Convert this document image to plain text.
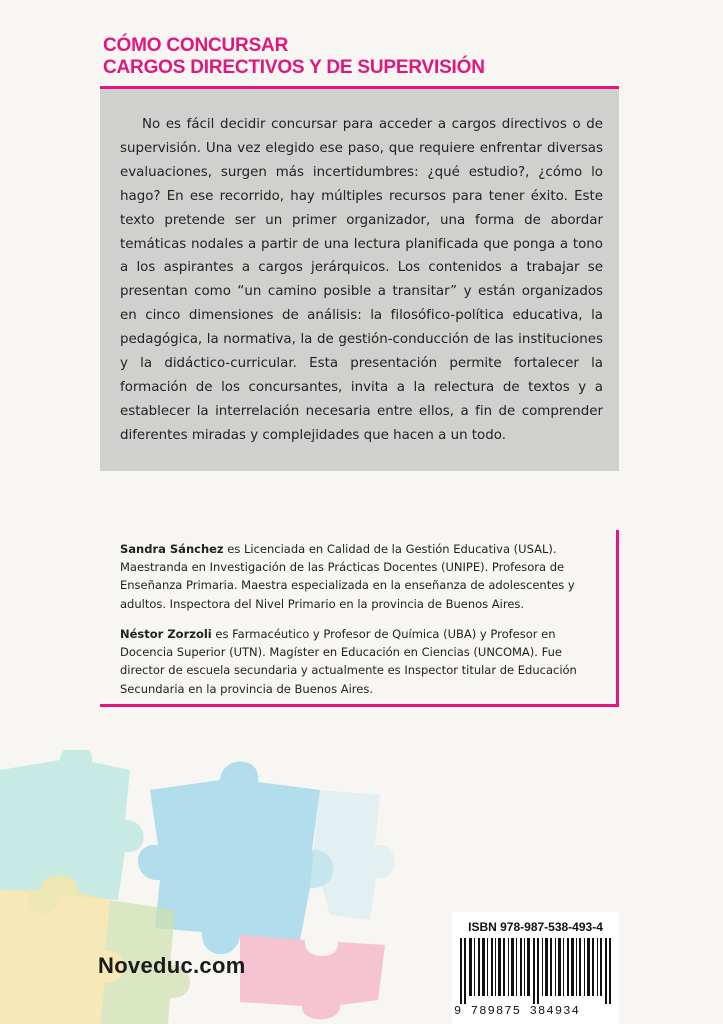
CÓMO CONCURSAR
CARGOS DIRECTIVOS Y DE SUPERVISIÓN

No es fácil decidir concursar para acceder a cargos directivos o de supervisión. Una vez elegido ese paso, que requiere enfrentar diversas evaluaciones, surgen más incertidumbres: ¿qué estudio?, ¿cómo lo hago? En ese recorrido, hay múltiples recursos para tener éxito. Este texto pretende ser un primer organizador, una forma de abordar temáticas nodales a partir de una lectura planificada que ponga a tono a los aspirantes a cargos jerárquicos. Los contenidos a trabajar se presentan como “un camino posible a transitar” y están organizados en cinco dimensiones de análisis: la filosófico-política educativa, la pedagógica, la normativa, la de gestión-conducción de las instituciones y la didáctico-curricular. Esta presentación permite fortalecer la formación de los concursantes, invita a la relectura de textos y a establecer la interrelación necesaria entre ellos, a fin de comprender diferentes miradas y complejidades que hacen a un todo.

Sandra Sánchez es Licenciada en Calidad de la Gestión Educativa (USAL). Maestranda en Investigación de las Prácticas Docentes (UNIPE). Profesora de Enseñanza Primaria. Maestra especializada en la enseñanza de adolescentes y adultos. Inspectora del Nivel Primario en la provincia de Buenos Aires.
Néstor Zorzoli es Farmacéutico y Profesor de Química (UBA) y Profesor en Docencia Superior (UTN). Magíster en Educación en Ciencias (UNCOMA). Fue director de escuela secundaria y actualmente es Inspector titular de Educación Secundaria en la provincia de Buenos Aires.
Noveduc.com
ISBN 978-987-538-493-4
9 789875 384934
